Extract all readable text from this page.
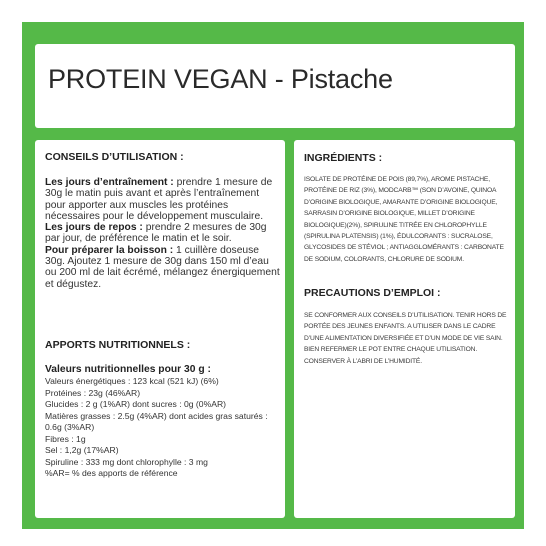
PROTEIN VEGAN - Pistache

CONSEILS D’UTILISATION :

Les jours d’entraînement : prendre 1 mesure de 30g le matin puis avant et après l’entraînement pour apporter aux muscles les protéines nécessaires pour le développement musculaire.

Les jours de repos : prendre 2 mesures de 30g par jour, de préférence le matin et le soir.

Pour préparer la boisson : 1 cuillère doseuse 30g. Ajoutez 1 mesure de 30g dans 150 ml d’eau ou 200 ml de lait écrémé, mélangez énergiquement et dégustez.

APPORTS NUTRITIONNELS :

Valeurs nutritionnelles pour 30 g :

Valeurs énergétiques : 123 kcal (521 kJ) (6%)

Protéines : 23g (46%AR)

Glucides : 2 g (1%AR) dont sucres : 0g (0%AR)

Matières grasses : 2.5g (4%AR) dont acides gras saturés :

0.6g (3%AR)

Fibres : 1g

Sel : 1,2g (17%AR)

Spiruline : 333 mg dont chlorophylle : 3 mg

%AR= % des apports de référence

INGRÉDIENTS :

ISOLATE DE PROTÉINE DE POIS (89,7%), AROME PISTACHE, PROTÉINE DE RIZ (3%), MODCARB™ (SON D’AVOINE, QUINOA D’ORIGINE BIOLOGIQUE, AMARANTE D’ORIGINE BIOLOGIQUE, SARRASIN D’ORIGINE BIOLOGIQUE, MILLET D’ORIGINE BIOLOGIQUE)(2%), SPIRULINE TITRÉE EN CHLOROPHYLLE (SPIRULINA PLATENSIS) (1%), ÉDULCORANTS : SUCRALOSE, GLYCOSIDES DE STÉVIOL ; ANTIAGGLOMÉRANTS : CARBONATE DE SODIUM, COLORANTS, CHLORURE DE SODIUM.

PRECAUTIONS D’EMPLOI :

SE CONFORMER AUX CONSEILS D’UTILISATION. TENIR HORS DE PORTÉE DES JEUNES ENFANTS. A UTILISER DANS LE CADRE D’UNE ALIMENTATION DIVERSIFIÉE ET D’UN MODE DE VIE SAIN. BIEN REFERMER LE POT ENTRE CHAQUE UTILISATION. CONSERVER À L’ABRI DE L’HUMIDITÉ.
